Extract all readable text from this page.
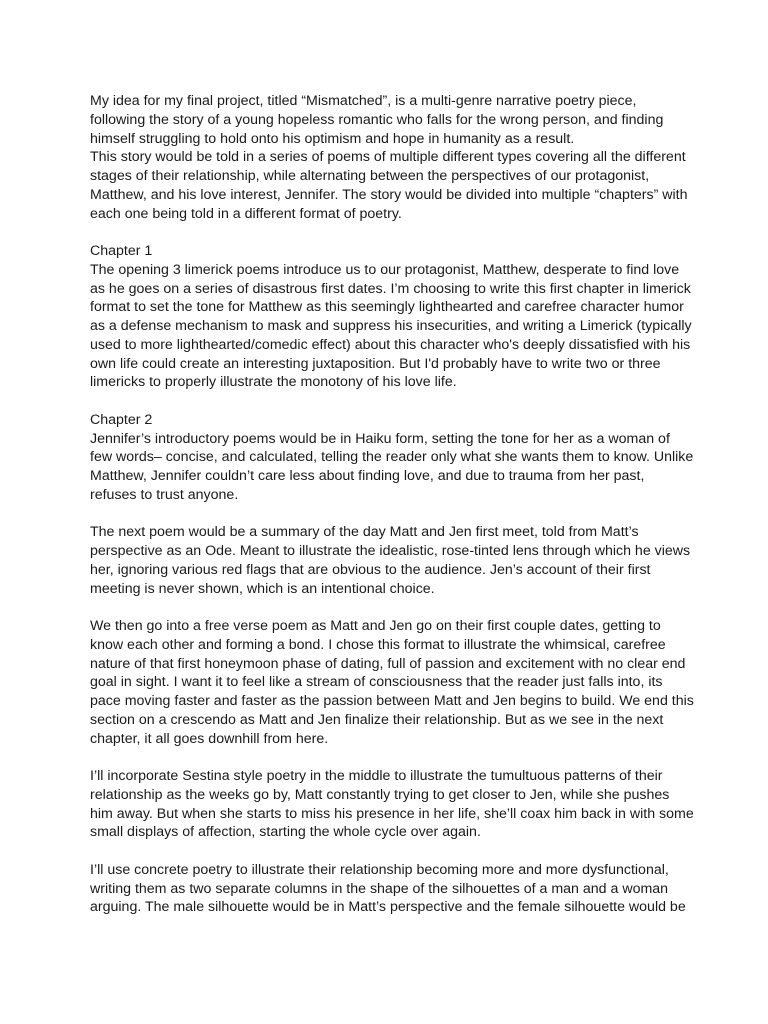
My idea for my final project, titled “Mismatched”, is a multi-genre narrative poetry piece,
following the story of a young hopeless romantic who falls for the wrong person, and finding
himself struggling to hold onto his optimism and hope in humanity as a result.

This story would be told in a series of poems of multiple different types covering all the different
stages of their relationship, while alternating between the perspectives of our protagonist,
Matthew, and his love interest, Jennifer. The story would be divided into multiple “chapters” with
each one being told in a different format of poetry.

Chapter 1
The opening 3 limerick poems introduce us to our protagonist, Matthew, desperate to find love
as he goes on a series of disastrous first dates. I’m choosing to write this first chapter in limerick
format to set the tone for Matthew as this seemingly lighthearted and carefree character humor
as a defense mechanism to mask and suppress his insecurities, and writing a Limerick (typically
used to more lighthearted/comedic effect) about this character who's deeply dissatisfied with his
own life could create an interesting juxtaposition. But I'd probably have to write two or three
limericks to properly illustrate the monotony of his love life.

Chapter 2
Jennifer’s introductory poems would be in Haiku form, setting the tone for her as a woman of
few words– concise, and calculated, telling the reader only what she wants them to know. Unlike
Matthew, Jennifer couldn’t care less about finding love, and due to trauma from her past,
refuses to trust anyone.

The next poem would be a summary of the day Matt and Jen first meet, told from Matt’s
perspective as an Ode. Meant to illustrate the idealistic, rose-tinted lens through which he views
her, ignoring various red flags that are obvious to the audience. Jen’s account of their first
meeting is never shown, which is an intentional choice.

We then go into a free verse poem as Matt and Jen go on their first couple dates, getting to
know each other and forming a bond. I chose this format to illustrate the whimsical, carefree
nature of that first honeymoon phase of dating, full of passion and excitement with no clear end
goal in sight. I want it to feel like a stream of consciousness that the reader just falls into, its
pace moving faster and faster as the passion between Matt and Jen begins to build. We end this
section on a crescendo as Matt and Jen finalize their relationship. But as we see in the next
chapter, it all goes downhill from here.

I’ll incorporate Sestina style poetry in the middle to illustrate the tumultuous patterns of their
relationship as the weeks go by, Matt constantly trying to get closer to Jen, while she pushes
him away. But when she starts to miss his presence in her life, she’ll coax him back in with some
small displays of affection, starting the whole cycle over again.

I’ll use concrete poetry to illustrate their relationship becoming more and more dysfunctional,
writing them as two separate columns in the shape of the silhouettes of a man and a woman
arguing. The male silhouette would be in Matt’s perspective and the female silhouette would be
